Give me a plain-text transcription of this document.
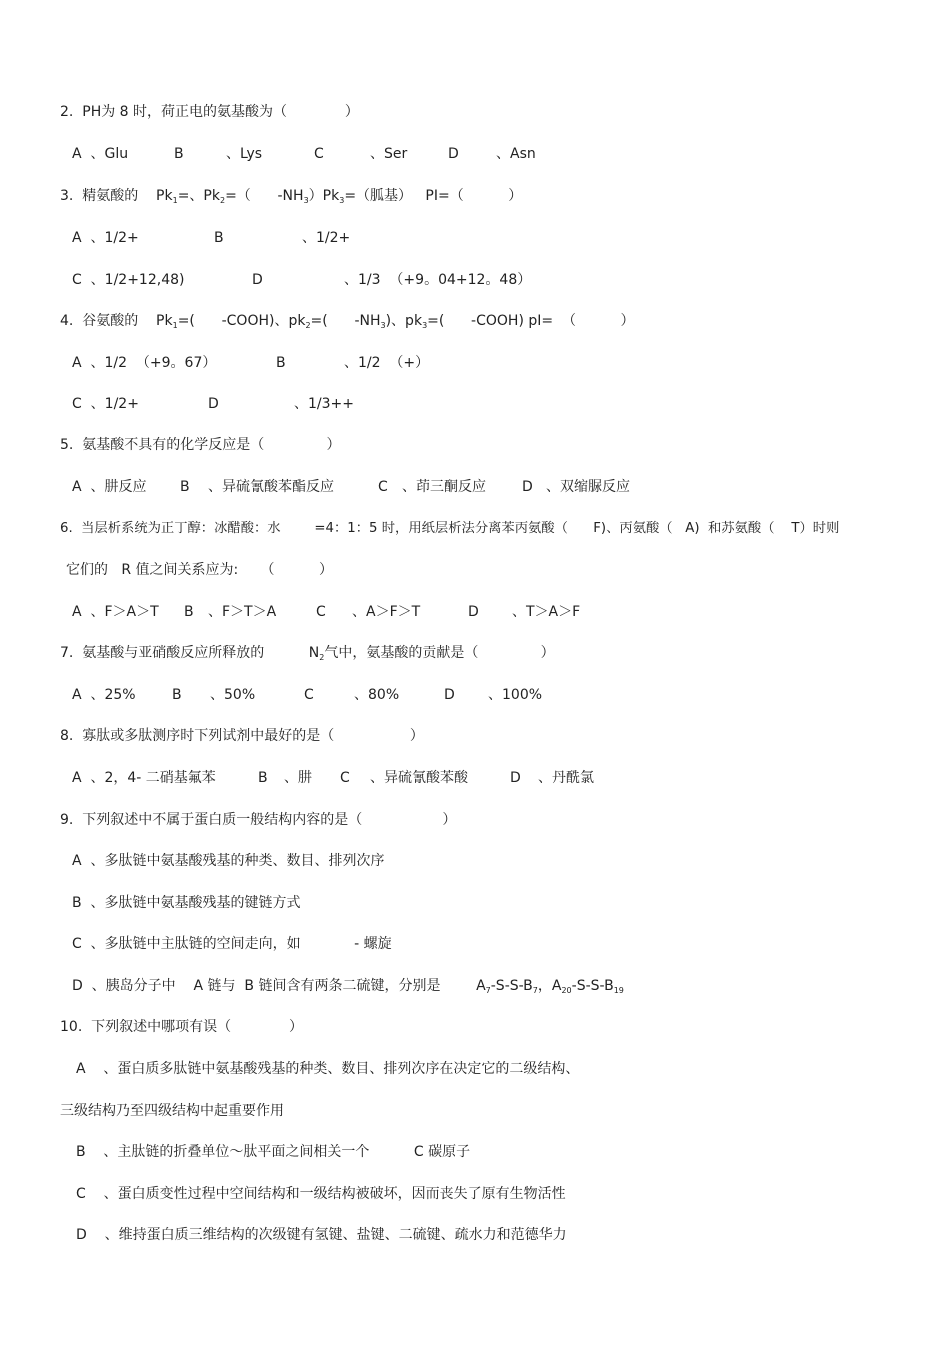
2.  PH为 8 时，荷正电的氨基酸为（             ）

A  、Glu

	B

	、Lys

	C

	、Ser

	D

	、Asn

3.  精氨酸的    $Pk_1=$、$Pk_2=$（      $-NH_3)Pk_3=$（胍基）   PI=（          ）

A  、1/2+

	B

	、1/2+

C  、1/2+12,48)

	D

	、1/3  （+9。04+12。48）

4.  谷氨酸的    $Pk_1=$(      -COOH)、$pk_2=$(      $-NH_3$)、$pk_3=$(      -COOH) pI=  （          ）

A  、1/2  （+9。67）

	B

	、1/2  （+）

C  、1/2+

	D

	、1/3++

5.  氨基酸不具有的化学反应是（              ）

A  、肼反应

B

、异硫氰酸苯酯反应

	C

、茚三酮反应

	D

、双缩脲反应

6.  当层析系统为正丁醇：冰醋酸：水        =4：1：5 时，用纸层析法分离苯丙氨酸（      F)、丙氨酸（   A)  和苏氨酸（    T）时则
它们的   R 值之间关系应为:     （          ）

A  、F＞A＞T

B

、F＞T＞A

	C

、A＞F＞T

	D

、T＞A＞F

7.  氨基酸与亚硝酸反应所释放的          $N_2$气中，氨基酸的贡献是（              ）

A  、25%

	B

、50%

	C

	、80%

	D

、100%

8.  寡肽或多肽测序时下列试剂中最好的是（                 ）

A  、2，4- 二硝基氟苯

	B

、肼

C

、异硫氰酸苯酸

	D

、丹酰氯

9.  下列叙述中不属于蛋白质一般结构内容的是（                  ）
A  、多肽链中氨基酸残基的种类、数目、排列次序
B  、多肽链中氨基酸残基的键链方式
C  、多肽链中主肽链的空间走向，如            - 螺旋
D  、胰岛分子中    A 链与  B 链间含有两条二硫键，分别是        $A_7-S-S-B_7$，$A_{20}-S-S-B_{19}$
10.  下列叙述中哪项有误（             ）
A    、蛋白质多肽链中氨基酸残基的种类、数目、排列次序在决定它的二级结构、
三级结构乃至四级结构中起重要作用
B    、主肽链的折叠单位～肽平面之间相关一个          C 碳原子
C    、蛋白质变性过程中空间结构和一级结构被破坏，因而丧失了原有生物活性
D    、维持蛋白质三维结构的次级键有氢键、盐键、二硫键、疏水力和范德华力
